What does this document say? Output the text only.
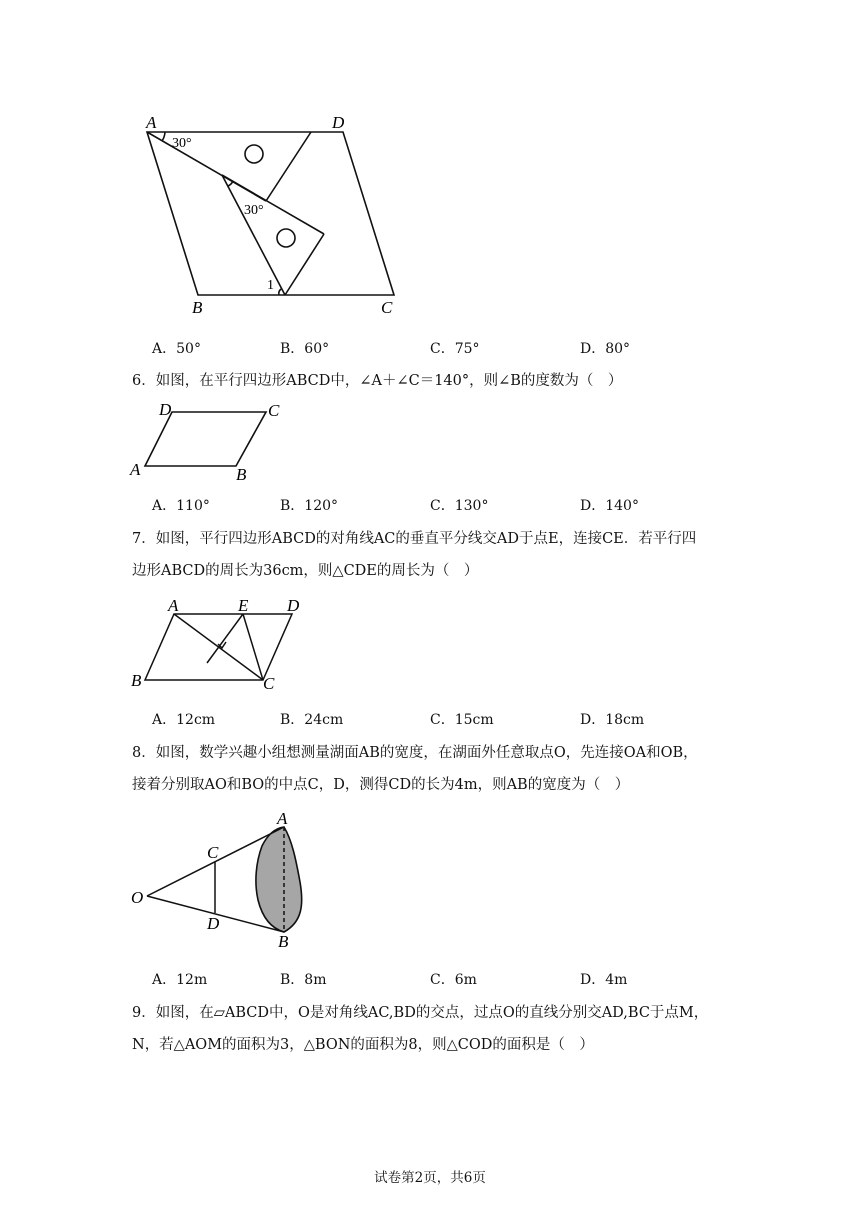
A	D
B	C
30°
30°
1
A．50°	B．60°	C．75°	D．80°
6．如图，在平行四边形ABCD中，∠A＋∠C＝140°，则∠B的度数为（　）
D	C
A	B
A．110°	B．120°	C．130°	D．140°
7．如图，平行四边形ABCD的对角线AC的垂直平分线交AD于点E，连接CE．若平行四
边形ABCD的周长为36cm，则△CDE的周长为（　）
A	E D
B	C
A．12cm	B．24cm	C．15cm	D．18cm
8．如图，数学兴趣小组想测量湖面AB的宽度，在湖面外任意取点O，先连接OA和OB，
接着分别取AO和BO的中点C，D，测得CD的长为4m，则AB的宽度为（　）
A
C
O
D
B
A．12m	B．8m	C．6m	D．4m
9．如图，在▱ABCD中，O是对角线AC,BD的交点，过点O的直线分别交AD,BC于点M，
N，若△AOM的面积为3，△BON的面积为8，则△COD的面积是（　）
试卷第2页，共6页
